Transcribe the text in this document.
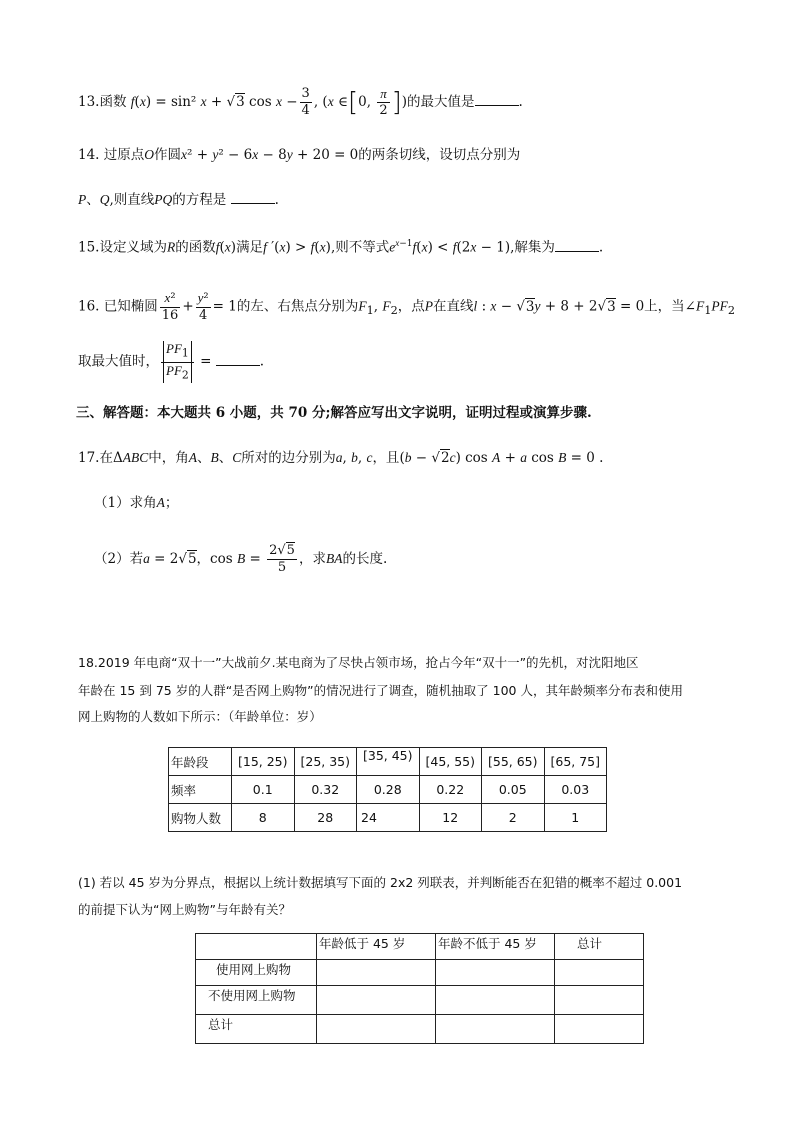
13.函数 f(x) = sin² x + √3 $\cos x - \frac{3}{4}$ , (x ∈[0, $\frac{\pi}{2}$ ])的最大值是	.
14. 过原点O作圆x² + y² − 6x − 8y + 20 = 0的两条切线，设切点分别为
P、Q,则直线PQ的方程是	.
15.设定义域为R的函数f(x)满足f ′(x) > f(x),则不等式$e^{x-1}f(x) < f(2x - 1)$,解集为	.
16. 已知椭圆 $\frac{\text{x²}}{16} + \frac{\text{y²}}{4} = 1$的左、右焦点分别为$F_1$, $F_2$，点P在直线l : x − √3y + 8 + 2√3 = 0上，当$\angle F_1PF_2$
取最大值时， $\frac{PF_1}{PF_2}$ =	.
三、解答题：本大题共 6 小题，共 70 分;解答应写出文字说明，证明过程或演算步骤.
17.在ΔABC中，角A、B、C所对的边分别为a, b, c，且(b − √2c) cos A + a cos B = 0 .
（1）求角A；
（2）若a = 2√5，$\cos B = \frac{2√5}{5}$ ，求BA的长度.
18.2019 年电商“双十一”大战前夕.某电商为了尽快占领市场，抢占今年“双十一”的先机，对沈阳地区
年龄在 15 到 75 岁的人群“是否网上购物”的情况进行了调查，随机抽取了 100 人，其年龄频率分布表和使用
网上购物的人数如下所示：（年龄单位：岁）
年龄段	[15, 25)	[25, 35)	[35, 45)	[45, 55)	[55, 65)	[65, 75]
频率	0.1	0.32	0.28	0.22	0.05	0.03
购物人数	8	28	24	12	2	1
(1) 若以 45 岁为分界点，根据以上统计数据填写下面的 2x2 列联表，并判断能否在犯错的概率不超过 0.001
的前提下认为“网上购物”与年龄有关？
	年龄低于 45 岁	年龄不低于 45 岁	总计
使用网上购物			
不使用网上购物			
总计			
